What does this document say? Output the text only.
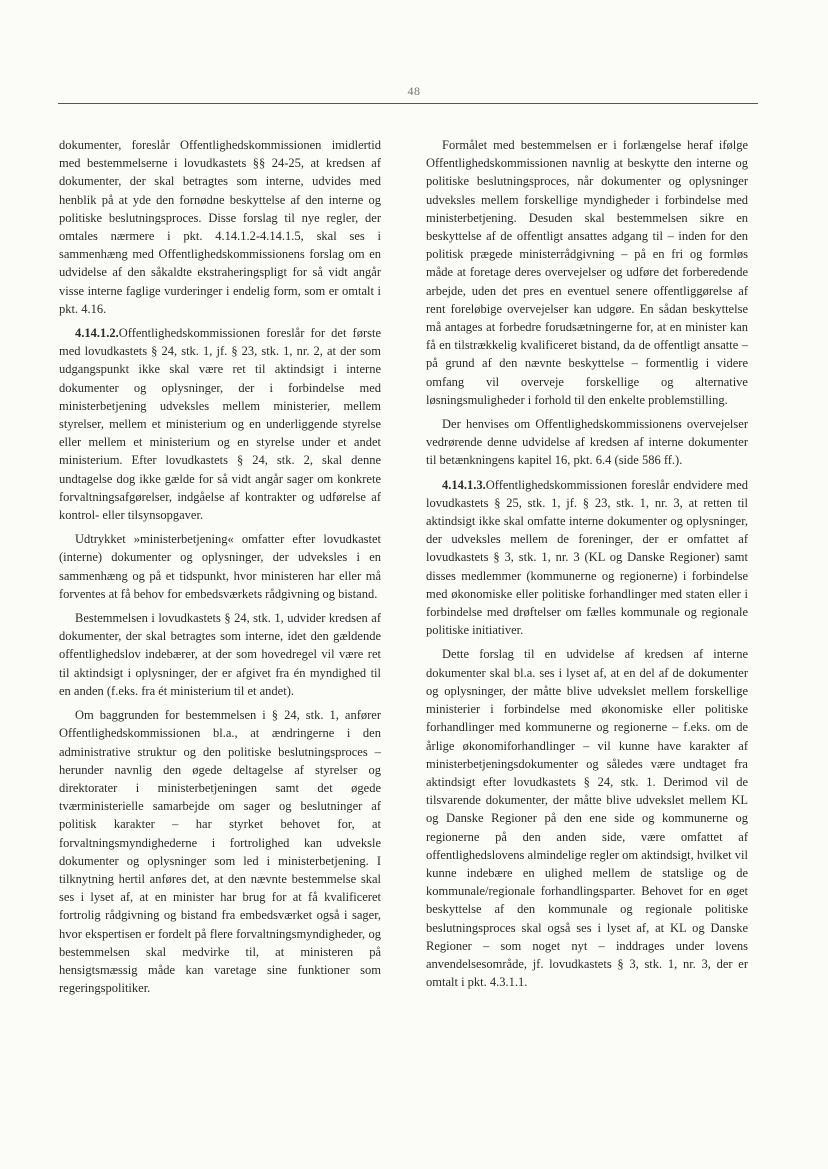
48

dokumenter, foreslår Offentlighedskommissionen imidlertid med bestemmelserne i lovudkastets §§ 24-25, at kredsen af dokumenter, der skal betragtes som interne, udvides med henblik på at yde den fornødne beskyttelse af den interne og politiske beslutningsproces. Disse forslag til nye regler, der omtales nærmere i pkt. 4.14.1.2-4.14.1.5, skal ses i sammenhæng med Offentlighedskommissionens forslag om en udvidelse af den såkaldte ekstraheringspligt for så vidt angår visse interne faglige vurderinger i endelig form, som er omtalt i pkt. 4.16.

4.14.1.2.Offentlighedskommissionen foreslår for det første med lovudkastets § 24, stk. 1, jf. § 23, stk. 1, nr. 2, at der som udgangspunkt ikke skal være ret til aktindsigt i interne dokumenter og oplysninger, der i forbindelse med ministerbetjening udveksles mellem ministerier, mellem styrelser, mellem et ministerium og en underliggende styrelse eller mellem et ministerium og en styrelse under et andet ministerium. Efter lovudkastets § 24, stk. 2, skal denne undtagelse dog ikke gælde for så vidt angår sager om konkrete forvaltningsafgørelser, indgåelse af kontrakter og udførelse af kontrol- eller tilsynsopgaver.

Udtrykket »ministerbetjening« omfatter efter lovudkastet (interne) dokumenter og oplysninger, der udveksles i en sammenhæng og på et tidspunkt, hvor ministeren har eller må forventes at få behov for embedsværkets rådgivning og bistand.

Bestemmelsen i lovudkastets § 24, stk. 1, udvider kredsen af dokumenter, der skal betragtes som interne, idet den gældende offentlighedslov indebærer, at der som hovedregel vil være ret til aktindsigt i oplysninger, der er afgivet fra én myndighed til en anden (f.eks. fra ét ministerium til et andet).

Om baggrunden for bestemmelsen i § 24, stk. 1, anfører Offentlighedskommissionen bl.a., at ændringerne i den administrative struktur og den politiske beslutningsproces – herunder navnlig den øgede deltagelse af styrelser og direktorater i ministerbetjeningen samt det øgede tværministerielle samarbejde om sager og beslutninger af politisk karakter – har styrket behovet for, at forvaltningsmyndighederne i fortrolighed kan udveksle dokumenter og oplysninger som led i ministerbetjening. I tilknytning hertil anføres det, at den nævnte bestemmelse skal ses i lyset af, at en minister har brug for at få kvalificeret fortrolig rådgivning og bistand fra embedsværket også i sager, hvor ekspertisen er fordelt på flere forvaltningsmyndigheder, og bestemmelsen skal medvirke til, at ministeren på hensigtsmæssig måde kan varetage sine funktioner som regeringspolitiker.

Formålet med bestemmelsen er i forlængelse heraf ifølge Offentlighedskommissionen navnlig at beskytte den interne og politiske beslutningsproces, når dokumenter og oplysninger udveksles mellem forskellige myndigheder i forbindelse med ministerbetjening. Desuden skal bestemmelsen sikre en beskyttelse af de offentligt ansattes adgang til – inden for den politisk prægede ministerrådgivning – på en fri og formløs måde at foretage deres overvejelser og udføre det forberedende arbejde, uden det pres en eventuel senere offentliggørelse af rent foreløbige overvejelser kan udgøre. En sådan beskyttelse må antages at forbedre forudsætningerne for, at en minister kan få en tilstrækkelig kvalificeret bistand, da de offentligt ansatte – på grund af den nævnte beskyttelse – formentlig i videre omfang vil overveje forskellige og alternative løsningsmuligheder i forhold til den enkelte problemstilling.

Der henvises om Offentlighedskommissionens overvejelser vedrørende denne udvidelse af kredsen af interne dokumenter til betænkningens kapitel 16, pkt. 6.4 (side 586 ff.).

4.14.1.3.Offentlighedskommissionen foreslår endvidere med lovudkastets § 25, stk. 1, jf. § 23, stk. 1, nr. 3, at retten til aktindsigt ikke skal omfatte interne dokumenter og oplysninger, der udveksles mellem de foreninger, der er omfattet af lovudkastets § 3, stk. 1, nr. 3 (KL og Danske Regioner) samt disses medlemmer (kommunerne og regionerne) i forbindelse med økonomiske eller politiske forhandlinger med staten eller i forbindelse med drøftelser om fælles kommunale og regionale politiske initiativer.

Dette forslag til en udvidelse af kredsen af interne dokumenter skal bl.a. ses i lyset af, at en del af de dokumenter og oplysninger, der måtte blive udvekslet mellem forskellige ministerier i forbindelse med økonomiske eller politiske forhandlinger med kommunerne og regionerne – f.eks. om de årlige økonomiforhandlinger – vil kunne have karakter af ministerbetjeningsdokumenter og således være undtaget fra aktindsigt efter lovudkastets § 24, stk. 1. Derimod vil de tilsvarende dokumenter, der måtte blive udvekslet mellem KL og Danske Regioner på den ene side og kommunerne og regionerne på den anden side, være omfattet af offentlighedslovens almindelige regler om aktindsigt, hvilket vil kunne indebære en ulighed mellem de statslige og de kommunale/regionale forhandlingsparter. Behovet for en øget beskyttelse af den kommunale og regionale politiske beslutningsproces skal også ses i lyset af, at KL og Danske Regioner – som noget nyt – inddrages under lovens anvendelsesområde, jf. lovudkastets § 3, stk. 1, nr. 3, der er omtalt i pkt. 4.3.1.1.
